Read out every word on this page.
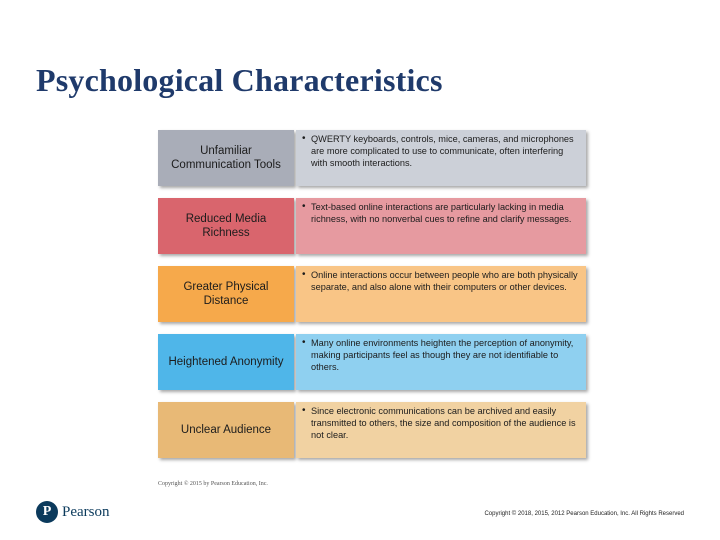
Psychological Characteristics
Unfamiliar Communication Tools
• QWERTY keyboards, controls, mice, cameras, and microphones are more complicated to use to communicate, often interfering with smooth interactions.
Reduced Media Richness
• Text-based online interactions are particularly lacking in media richness, with no nonverbal cues to refine and clarify messages.
Greater Physical Distance
• Online interactions occur between people who are both physically separate, and also alone with their computers or other devices.
Heightened Anonymity
• Many online environments heighten the perception of anonymity, making participants feel as though they are not identifiable to others.
Unclear Audience
• Since electronic communications can be archived and easily transmitted to others, the size and composition of the audience is not clear.
Copyright © 2015 by Pearson Education, Inc.
P Pearson	Copyright © 2018, 2015, 2012 Pearson Education, Inc. All Rights Reserved
